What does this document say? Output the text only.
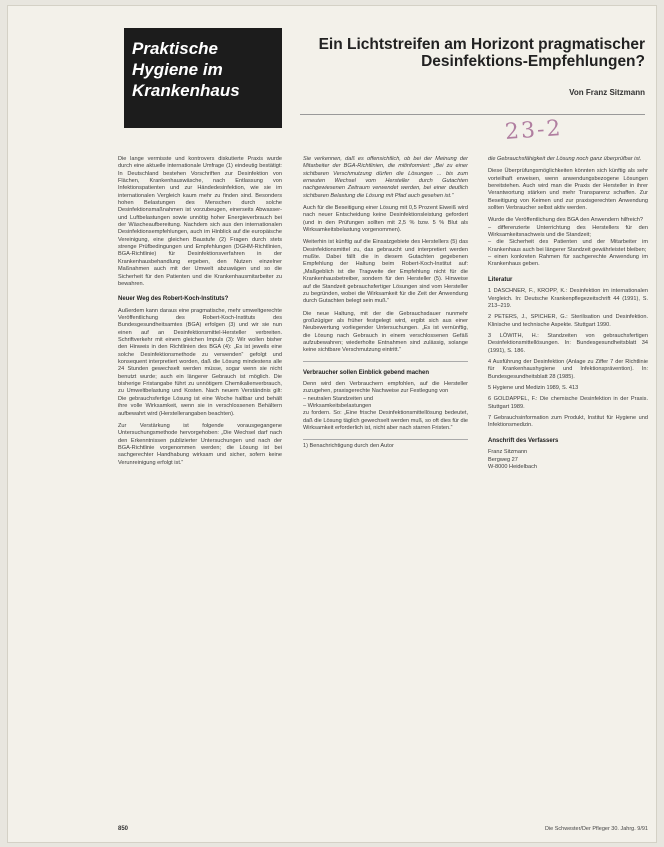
Praktische
Hygiene im
Krankenhaus
Ein Lichtstreifen am Horizont pragmatischer Desinfektions-Empfehlungen?
Von Franz Sitzmann
23-2

Die lange vermisste und kontrovers diskutierte Praxis wurde durch eine aktuelle internationale Umfrage (1) eindeutig bestätigt: In Deutschland bestehen Vorschriften zur Desinfektion von Flächen, Krankenhauswäsche, nach Entlassung von Infektionspatienten und zur Händedesinfektion, wie sie im internationalen Vergleich kaum mehr zu finden sind. Besonders hohen Belastungen des Menschen durch solche Desinfektionsmaßnahmen ist vorzubeugen, einerseits Abwasser- und Luftbelastungen sowie unnötig hoher Energieverbrauch bei der Wäscheaufbereitung. Nachdem sich aus den internationalen Desinfektionsempfehlungen, auch im Hinblick auf die europäische Vereinigung, eine gleichen Baustufe (2) Fragen durch stets strenge Prüfbedingungen und Empfehlungen (DGHM-Richtlinien, BGA-Richtlinie) für Desinfektionsverfahren in der Krankenhausbehandlung ergeben, den Nutzen einzelner Maßnahmen auch mit der Umwelt abzuwägen und so die Sicherheit für den Patienten und die Krankenhausmitarbeiter zu bewahren.

Neuer Weg des Robert-Koch-Instituts?

Außerdem kann daraus eine pragmatische, mehr umweltgerechte Veröffentlichung des Robert-Koch-Instituts des Bundesgesundheitsamtes (BGA) erfolgen (3) und wir sie nun einen auf an Desinfektionsmittel-Hersteller verbreiten. Schriftverkehr mit einem gleichen Impuls (3): Wir wollen bisher den Hinweis in den Richtlinien des BGA (4): „Es ist jeweils eine solche Desinfektionsmethode zu verwenden“ gefolgt und konsequent interpretiert worden, daß die Lösung mindestens alle 24 Stunden gewechselt werden müsse, sogar wenn sie nicht benutzt wurde; auch ein längerer Gebrauch ist möglich. Die bisherige Fristangabe führt zu unnötigem Chemikalienverbrauch, zu Umweltbelastung und Kosten. Nach neuem Verständnis gilt: Die gebrauchsfertige Lösung ist eine Woche haltbar und behält ihre volle Wirksamkeit, wenn sie in verschlossenen Behältern aufbewahrt wird (Herstellerangaben beachten).

Zur Verstärkung ist folgende vorausgegangene Untersuchungsmethode hervorgehoben: „Die Wechsel darf nach den Erkenntnissen publizierter Untersuchungen und nach der BGA-Richtlinie vorgenommen werden; die Lösung ist bei sachgerechter Handhabung wirksam und sicher, sofern keine Verunreinigung erfolgt ist.“

Sie verkennen, daß es offensichtlich, ob bei der Meinung der Mitarbeiter der BGA-Richtlinien, die mitinformiert: „Bei zu einer sichtbaren Verschmutzung dürfen die Lösungen ... bis zum erneuten Wechsel vom Hersteller durch Gutachten nachgewiesenen Zeitraum verwendet werden, bei einer deutlich sichtbaren Belastung die Lösung mit Pfad auch gesehen ist.“

Auch für die Beseitigung einer Lösung mit 0,5 Prozent Eiweiß wird nach neuer Entscheidung keine Desinfektionsleistung gefordert (und in den Prüfungen sollten mit 2,5 % bzw. 5 % Blut als Wirksamkeitsbelastung vorgenommen).

Weiterhin ist künftig auf die Einsatzgebiete des Herstellers (5) das Desinfektionsmittel zu, das gebraucht und interpretiert werden mußte. Dabei fällt die in diesem Gutachten gegebenen Empfehlung der Haltung beim Robert-Koch-Institut auf: „Maßgeblich ist die Tragweite der Empfehlung nicht für die Krankenhausbetreiber, sondern für den Hersteller (5). Hinweise auf die Standzeit gebrauchsfertiger Lösungen sind vom Hersteller zu begründen, wobei die Wirksamkeit für die Zeit der Anwendung durch Gutachten belegt sein muß.“

Die neue Haltung, mit der die Gebrauchsdauer nunmehr großzügiger als früher festgelegt wird, ergibt sich aus einer Neubewertung vorliegender Untersuchungen. „Es ist vernünftig, die Lösung nach Gebrauch in einem verschlossenen Gefäß aufzubewahren; wiederholte Entnahmen sind zulässig, solange keine sichtbare Verschmutzung eintritt.“

Verbraucher sollen Einblick gebend machen

Denn wird den Verbrauchern empfohlen, auf die Hersteller zuzugehen, praxisgerechte Nachweise zur Festlegung von
– neutralen Standzeiten und
– Wirksamkeitsbelastungen
zu fordern. So: „Eine frische Desinfektionsmittellösung bedeutet, daß die Lösung täglich gewechselt werden muß, so oft dies für die Wirksamkeit erforderlich ist, nicht aber nach starren Fristen.“

1) Benachrichtigung durch den Autor

die Gebrauchsfähigkeit der Lösung noch ganz überprüfbar ist.

Diese Überprüfungsmöglichkeiten könnten sich künftig als sehr vorteilhaft erweisen, wenn anwendungsbezogene Lösungen bereitstehen. Auch wird man die Praxis der Hersteller in ihrer Verantwortung stärken und mehr Transparenz schaffen. Zur Beseitigung von Keimen und zur praxisgerechten Anwendung sollten Verbraucher selbst aktiv werden.

Wurde die Veröffentlichung des BGA den Anwendern hilfreich?
– differenzierte Unterrichtung des Herstellers für den Wirksamkeitsnachweis und die Standzeit;
– die Sicherheit des Patienten und der Mitarbeiter im Krankenhaus auch bei längerer Standzeit gewährleistet bleiben;
– einen konkreten Rahmen für sachgerechte Anwendung im Krankenhaus geben.

Literatur
1 DASCHNER, F., KROPP, K.: Desinfektion im internationalen Vergleich. In: Deutsche Krankenpflegezeitschrift 44 (1991), S. 213–219.
2 PETERS, J., SPICHER, G.: Sterilisation und Desinfektion. Klinische und technische Aspekte. Stuttgart 1990.
3 LÖWITH, H.: Standzeiten von gebrauchsfertigen Desinfektionsmittellösungen. In: Bundesgesundheitsblatt 34 (1991), S. 186.
4 Ausführung der Desinfektion (Anlage zu Ziffer 7 der Richtlinie für Krankenhaushygiene und Infektionsprävention). In: Bundesgesundheitsblatt 28 (1985).
5 Hygiene und Medizin 1989, S. 413
6 GOLDAPPEL, F.: Die chemische Desinfektion in der Praxis. Stuttgart 1989.
7 Gebrauchsinformation zum Produkt, Institut für Hygiene und Infektionsmedizin.
Anschrift des Verfassers
Franz Sitzmann
Bergweg 27
W-8000 Heidelbach
850	Die Schwester/Der Pfleger 30. Jahrg. 9/91
